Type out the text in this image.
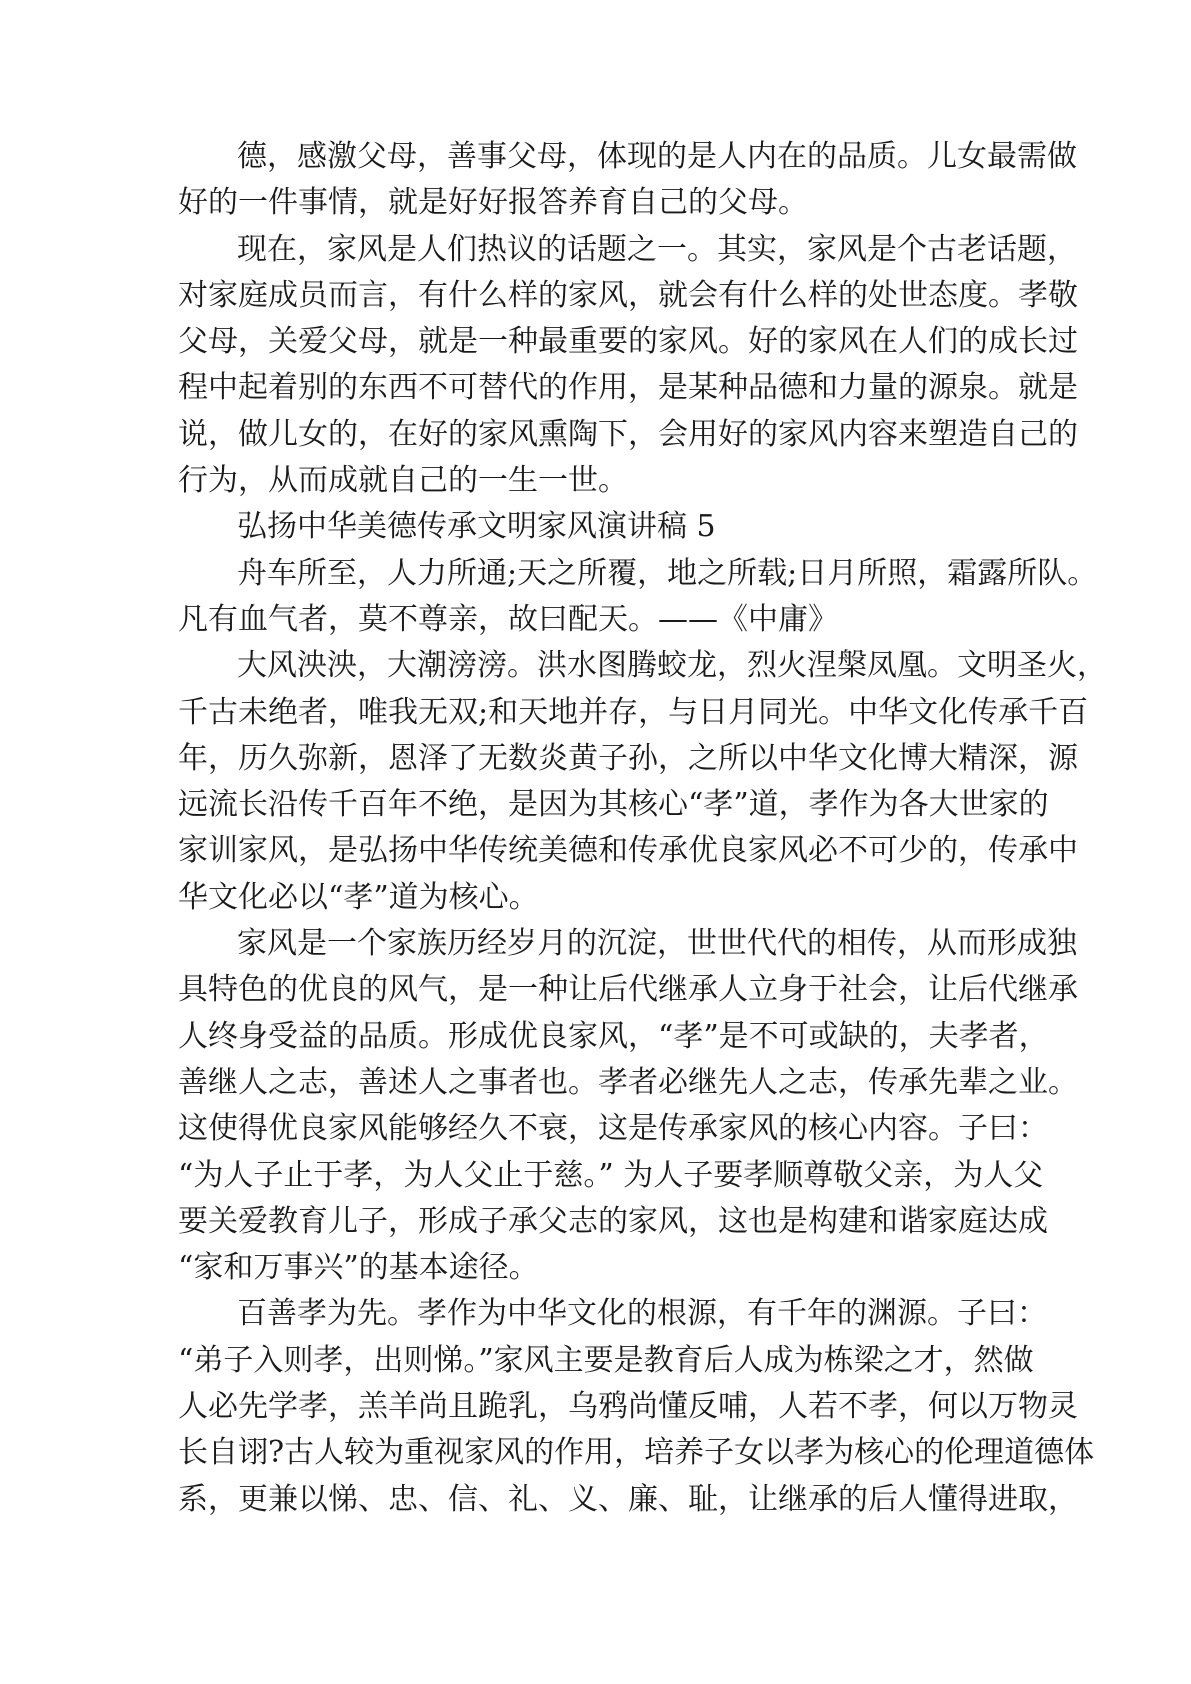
德，感激父母，善事父母，体现的是人内在的品质。儿女最需做
好的一件事情，就是好好报答养育自己的父母。
现在，家风是人们热议的话题之一。其实，家风是个古老话题，
对家庭成员而言，有什么样的家风，就会有什么样的处世态度。孝敬
父母，关爱父母，就是一种最重要的家风。好的家风在人们的成长过
程中起着别的东西不可替代的作用，是某种品德和力量的源泉。就是
说，做儿女的，在好的家风熏陶下，会用好的家风内容来塑造自己的
行为，从而成就自己的一生一世。
弘扬中华美德传承文明家风演讲稿 5
舟车所至，人力所通;天之所覆，地之所载;日月所照，霜露所队。
凡有血气者，莫不尊亲，故曰配天。——《中庸》
大风泱泱，大潮滂滂。洪水图腾蛟龙，烈火涅槃凤凰。文明圣火，
千古未绝者，唯我无双;和天地并存，与日月同光。中华文化传承千百
年，历久弥新，恩泽了无数炎黄子孙，之所以中华文化博大精深，源
远流长沿传千百年不绝，是因为其核心“孝”道，孝作为各大世家的
家训家风，是弘扬中华传统美德和传承优良家风必不可少的，传承中
华文化必以“孝”道为核心。
家风是一个家族历经岁月的沉淀，世世代代的相传，从而形成独
具特色的优良的风气，是一种让后代继承人立身于社会，让后代继承
人终身受益的品质。形成优良家风，“孝”是不可或缺的，夫孝者，
善继人之志，善述人之事者也。孝者必继先人之志，传承先辈之业。
这使得优良家风能够经久不衰，这是传承家风的核心内容。子曰：
“为人子止于孝，为人父止于慈。” 为人子要孝顺尊敬父亲，为人父
要关爱教育儿子，形成子承父志的家风，这也是构建和谐家庭达成
“家和万事兴”的基本途径。
百善孝为先。孝作为中华文化的根源，有千年的渊源。子曰：
“弟子入则孝，出则悌。”家风主要是教育后人成为栋梁之才，然做
人必先学孝，羔羊尚且跪乳，乌鸦尚懂反哺，人若不孝，何以万物灵
长自诩?古人较为重视家风的作用，培养子女以孝为核心的伦理道德体
系，更兼以悌、忠、信、礼、义、廉、耻，让继承的后人懂得进取，
